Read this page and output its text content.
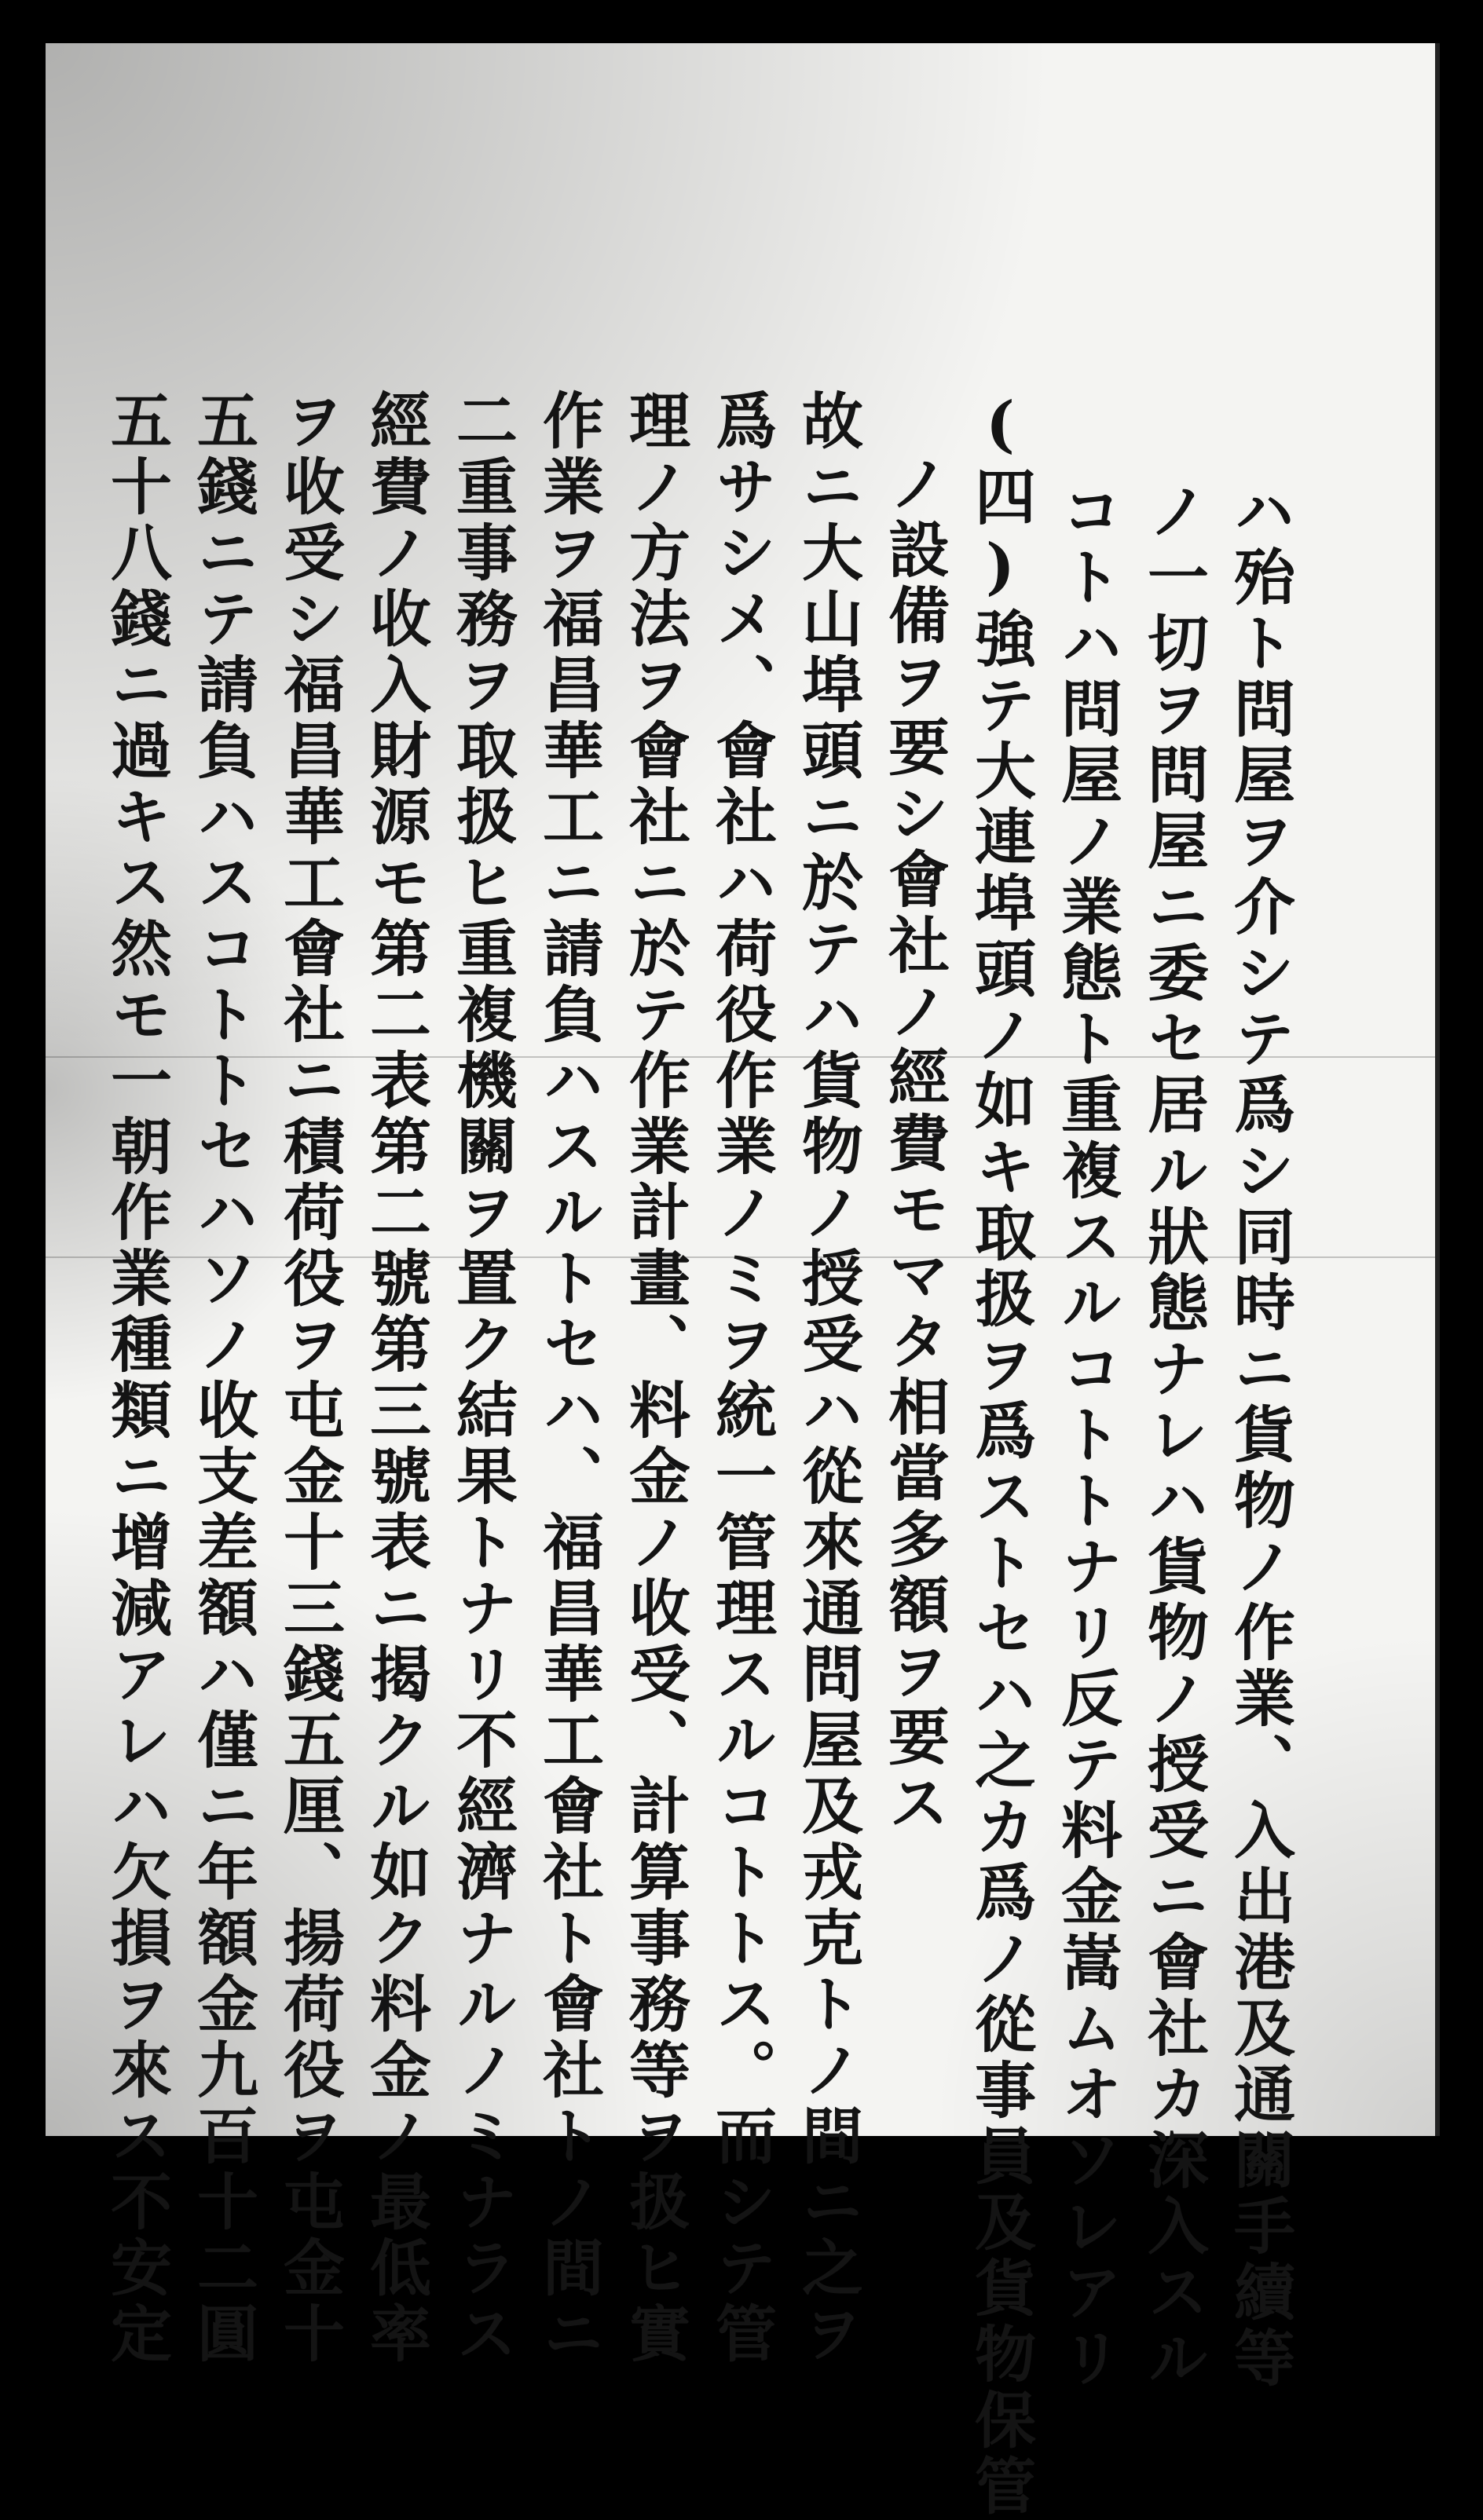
ハ殆ト問屋ヲ介シテ爲シ同時ニ貨物ノ作業、入出港及通關手續等
ノ一切ヲ問屋ニ委セ居ル狀態ナレハ貨物ノ授受ニ會社カ深入スル
コトハ問屋ノ業態ト重複スルコトトナリ反テ料金嵩ムオソレアリ
(四)強テ大連埠頭ノ如キ取扱ヲ爲ストセハ之カ爲ノ從事員及貨物保管
ノ設備ヲ要シ會社ノ經費モマタ相當多額ヲ要ス
故ニ大山埠頭ニ於テハ貨物ノ授受ハ從來通問屋及戎克トノ間ニ之ヲ
爲サシメ、會社ハ荷役作業ノミヲ統一管理スルコトトス。而シテ管
理ノ方法ヲ會社ニ於テ作業計畫、料金ノ收受、計算事務等ヲ扱ヒ實
作業ヲ福昌華工ニ請負ハスルトセハ、福昌華工會社ト會社トノ間ニ
二重事務ヲ取扱ヒ重複機關ヲ置ク結果トナリ不經濟ナルノミナラス
經費ノ收入財源モ第二表第二號第三號表ニ揭クル如ク料金ノ最低率
ヲ收受シ福昌華工會社ニ積荷役ヲ屯金十三錢五厘、揚荷役ヲ屯金十
五錢ニテ請負ハスコトトセハソノ收支差額ハ僅ニ年額金九百十二圓
五十八錢ニ過キス然モ一朝作業種類ニ增減アレハ欠損ヲ來ス不安定
